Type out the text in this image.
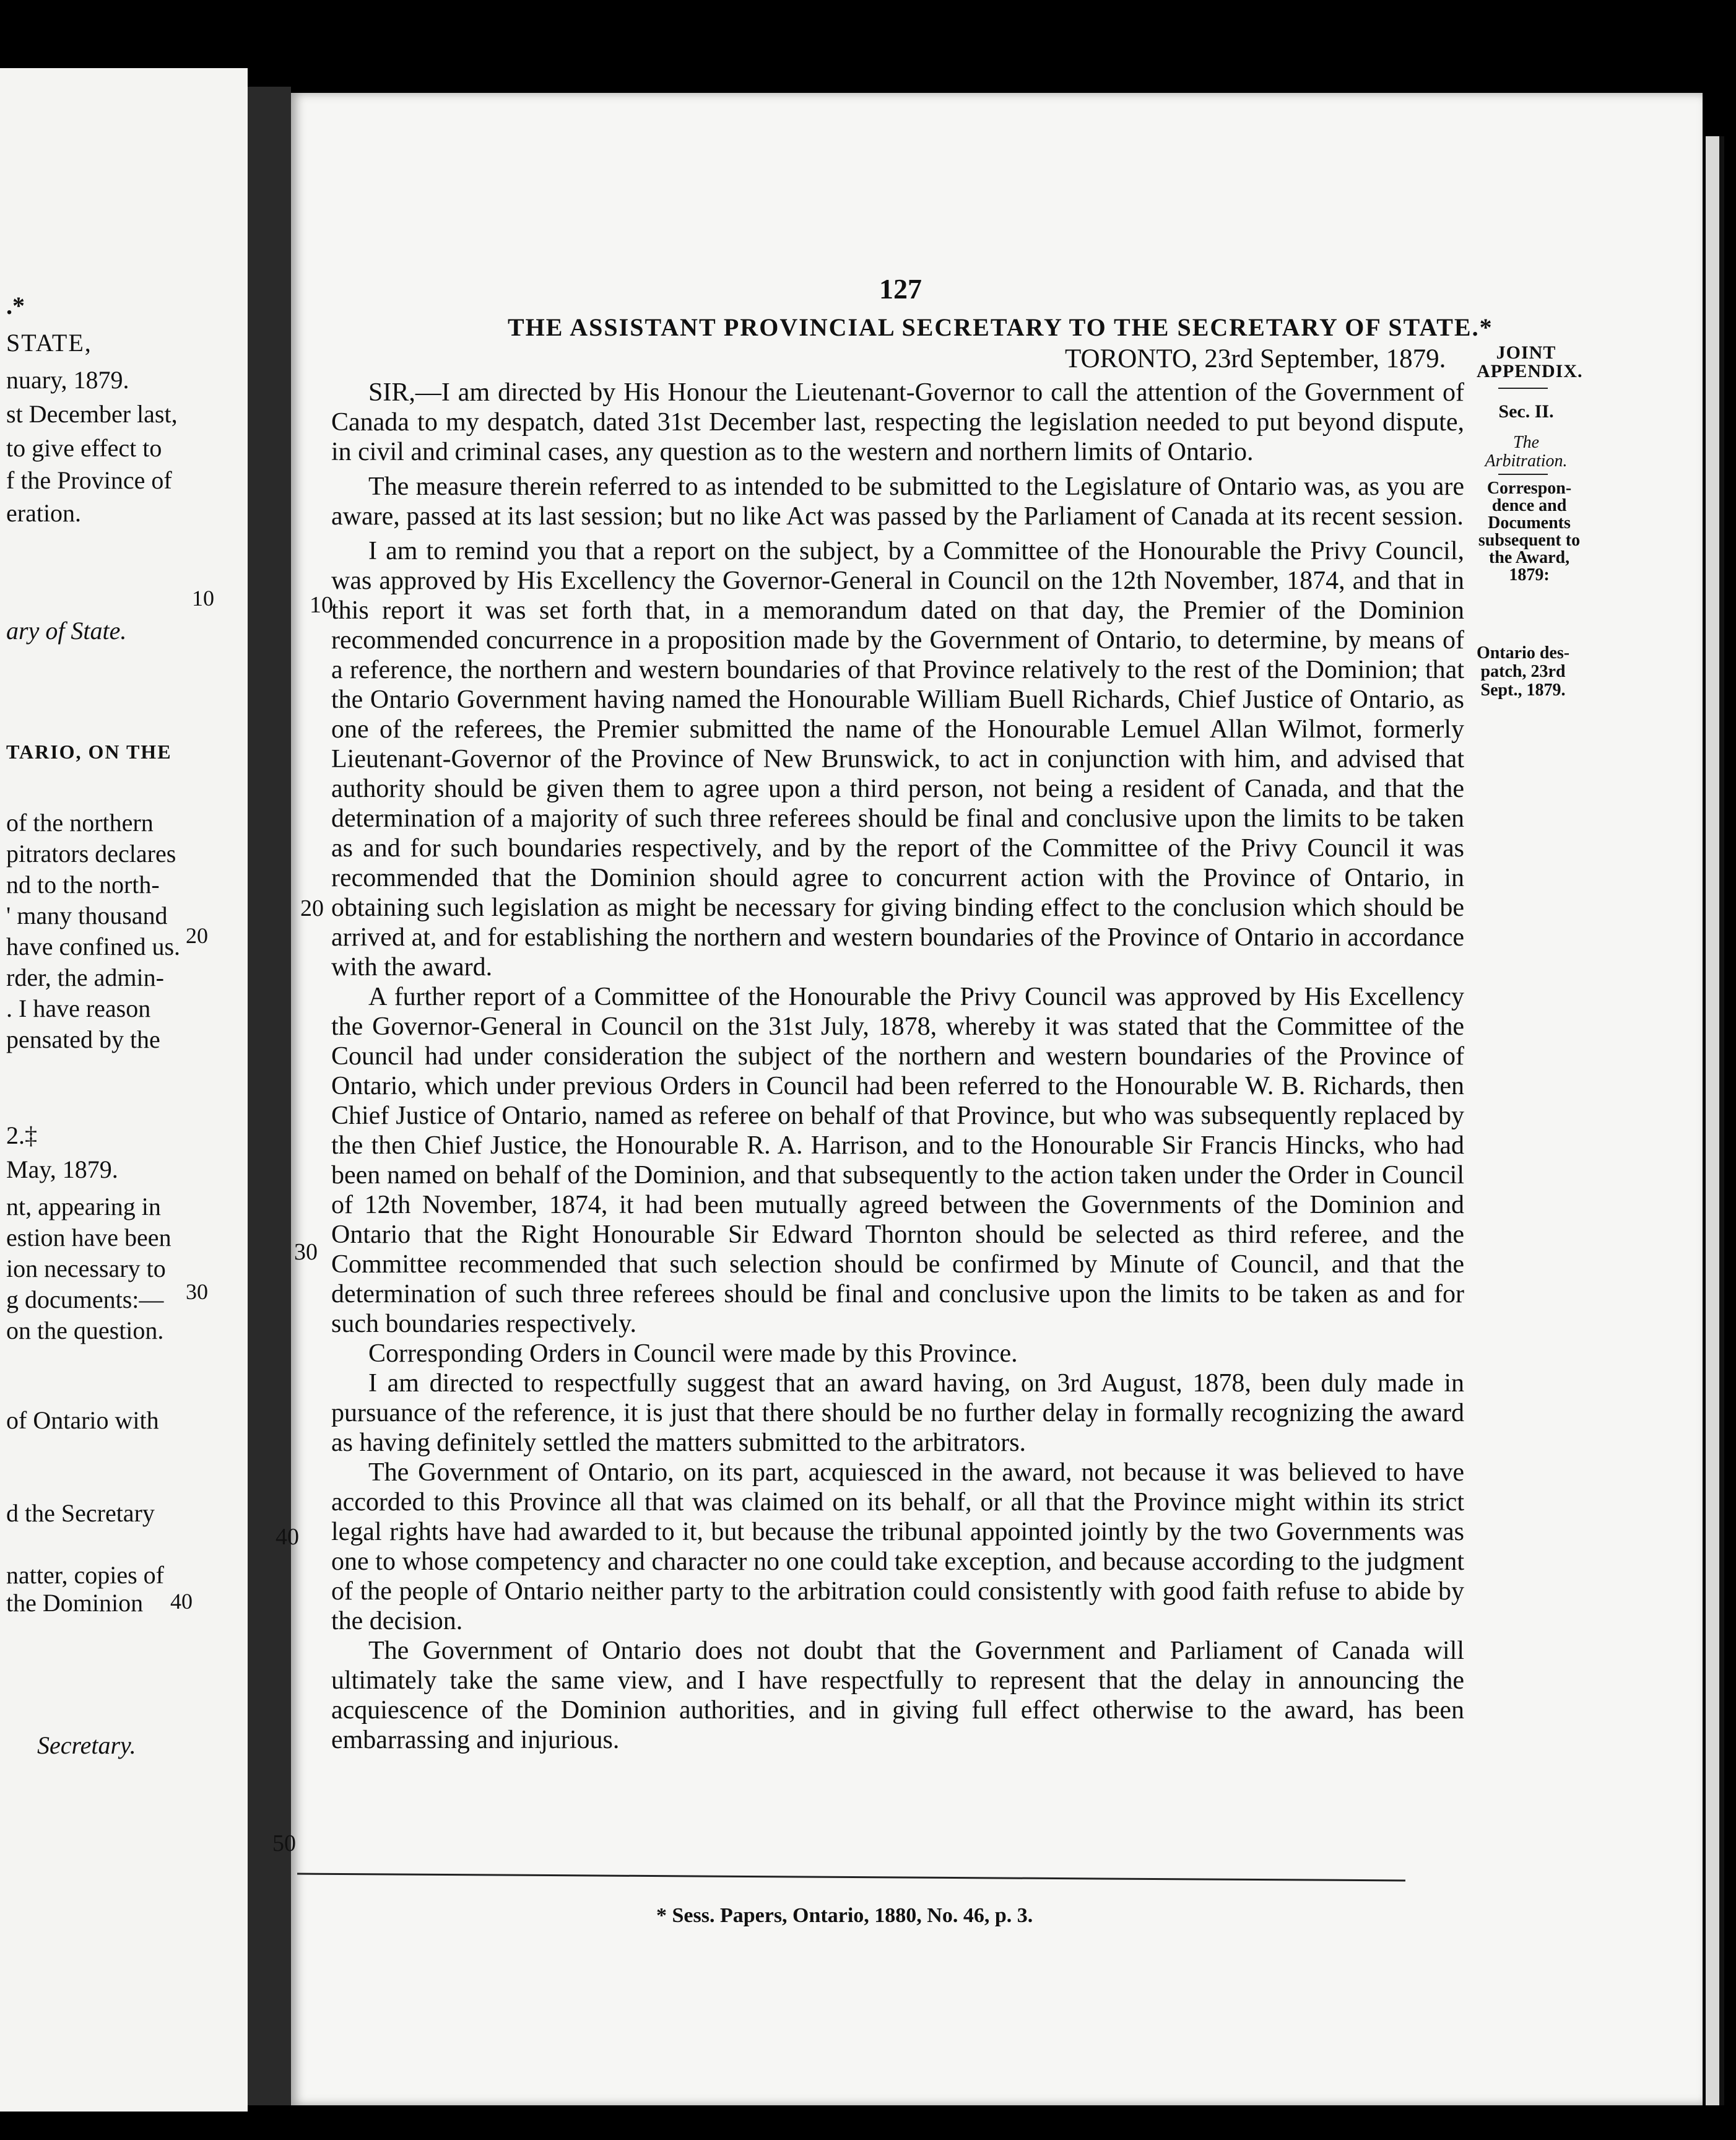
.*
STATE,
nuary, 1879.
st December last,
to give effect to
f the Province of
eration.
ary of State.
TARIO, ON THE
of the northern
pitrators declares
nd to the north-
' many thousand
have confined us.
rder, the admin-
. I have reason
pensated by the
2.‡
May, 1879.
nt, appearing in
estion have been
ion necessary to
g documents:—
on the question.
of Ontario with
d the Secretary
natter, copies of
the Dominion
Secretary.
10
20
30
40
127
THE ASSISTANT PROVINCIAL SECRETARY TO THE SECRETARY OF STATE.*
TORONTO, 23rd September, 1879.	JOINT
APPENDIX.
Sec. II.
The Arbitration.
Correspon-
dence and
Documents
subsequent to
the Award,
1879:
Ontario des-
patch, 23rd
Sept., 1879.

SIR,—I am directed by His Honour the Lieutenant-Governor to call the attention of the Government of Canada to my despatch, dated 31st December last, respecting the legislation needed to put beyond dispute, in civil and criminal cases, any question as to the western and northern limits of Ontario.

The measure therein referred to as intended to be submitted to the Legislature of Ontario was, as you are aware, passed at its last session; but no like Act was passed by the Parliament of Canada at its recent session.

I am to remind you that a report on the subject, by a Committee of the Honourable the Privy Council, was approved by His Excellency the Governor-General in Council on the 12th November, 1874, and that in this report it was set forth that, in a memorandum dated on that day, the Premier of the Dominion recommended concurrence in a proposition made by the Government of Ontario, to determine, by means of a reference, the northern and western boundaries of that Province relatively to the rest of the Dominion; that the Ontario Government having named the Honourable William Buell Richards, Chief Justice of Ontario, as one of the referees, the Premier submitted the name of the Honourable Lemuel Allan Wilmot, formerly Lieutenant-Governor of the Province of New Brunswick, to act in conjunction with him, and advised that authority should be given them to agree upon a third person, not being a resident of Canada, and that the determination of a majority of such three referees should be final and conclusive upon the limits to be taken as and for such boundaries respectively, and by the report of the Committee of the Privy Council it was recommended that the Dominion should agree to concurrent action with the Province of Ontario, in obtaining such legislation as might be necessary for giving binding effect to the conclusion which should be arrived at, and for establishing the northern and western boundaries of the Province of Ontario in accordance with the award.

A further report of a Committee of the Honourable the Privy Council was approved by His Excellency the Governor-General in Council on the 31st July, 1878, whereby it was stated that the Committee of the Council had under consideration the subject of the northern and western boundaries of the Province of Ontario, which under previous Orders in Council had been referred to the Honourable W. B. Richards, then Chief Justice of Ontario, named as referee on behalf of that Province, but who was subsequently replaced by the then Chief Justice, the Honourable R. A. Harrison, and to the Honourable Sir Francis Hincks, who had been named on behalf of the Dominion, and that subsequently to the action taken under the Order in Council of 12th November, 1874, it had been mutually agreed between the Governments of the Dominion and Ontario that the Right Honourable Sir Edward Thornton should be selected as third referee, and the Committee recommended that such selection should be confirmed by Minute of Council, and that the determination of such three referees should be final and conclusive upon the limits to be taken as and for such boundaries respectively.

Corresponding Orders in Council were made by this Province.

I am directed to respectfully suggest that an award having, on 3rd August, 1878, been duly made in pursuance of the reference, it is just that there should be no further delay in formally recognizing the award as having definitely settled the matters submitted to the arbitrators.

The Government of Ontario, on its part, acquiesced in the award, not because it was believed to have accorded to this Province all that was claimed on its behalf, or all that the Province might within its strict legal rights have had awarded to it, but because the tribunal appointed jointly by the two Governments was one to whose competency and character no one could take exception, and because according to the judgment of the people of Ontario neither party to the arbitration could consistently with good faith refuse to abide by the decision.

The Government of Ontario does not doubt that the Government and Parliament of Canada will ultimately take the same view, and I have respectfully to represent that the delay in announcing the acquiescence of the Dominion authorities, and in giving full effect otherwise to the award, has been embarrassing and injurious.

10
20
30
40
50
* Sess. Papers, Ontario, 1880, No. 46, p. 3.
